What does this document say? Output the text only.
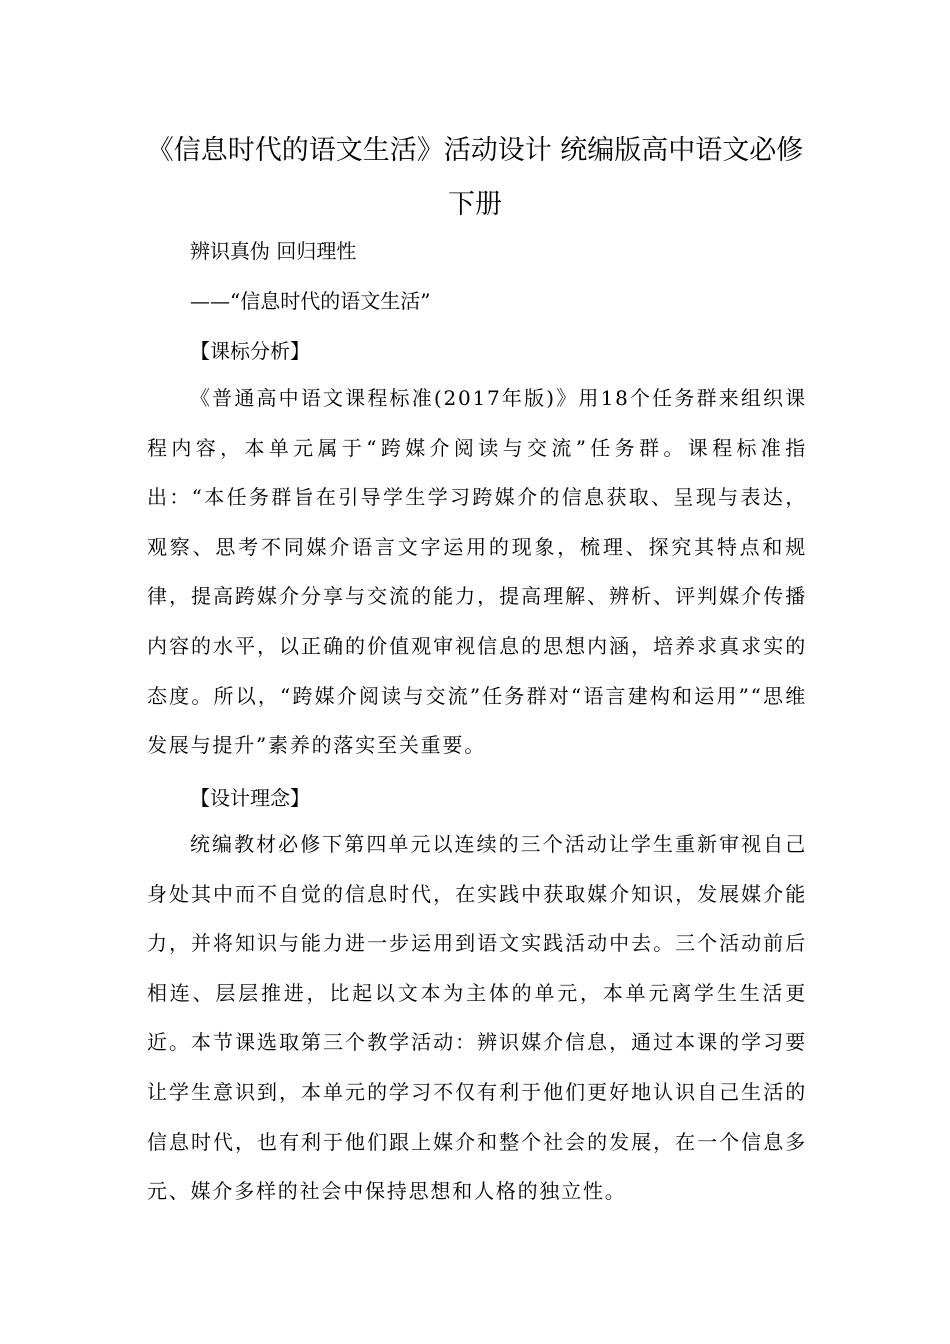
《信息时代的语文生活》活动设计 统编版高中语文必修下册

辨识真伪 回归理性

——“信息时代的语文生活”

【课标分析】

《普通高中语文课程标准(2017年版)》用18个任务群来组织课程内容，本单元属于“跨媒介阅读与交流”任务群。课程标准指出：“本任务群旨在引导学生学习跨媒介的信息获取、呈现与表达，观察、思考不同媒介语言文字运用的现象，梳理、探究其特点和规律，提高跨媒介分享与交流的能力，提高理解、辨析、评判媒介传播内容的水平，以正确的价值观审视信息的思想内涵，培养求真求实的态度。所以，“跨媒介阅读与交流”任务群对“语言建构和运用”“思维发展与提升”素养的落实至关重要。

【设计理念】

统编教材必修下第四单元以连续的三个活动让学生重新审视自己身处其中而不自觉的信息时代，在实践中获取媒介知识，发展媒介能力，并将知识与能力进一步运用到语文实践活动中去。三个活动前后相连、层层推进，比起以文本为主体的单元，本单元离学生生活更近。本节课选取第三个教学活动：辨识媒介信息，通过本课的学习要让学生意识到，本单元的学习不仅有利于他们更好地认识自己生活的信息时代，也有利于他们跟上媒介和整个社会的发展，在一个信息多元、媒介多样的社会中保持思想和人格的独立性。
